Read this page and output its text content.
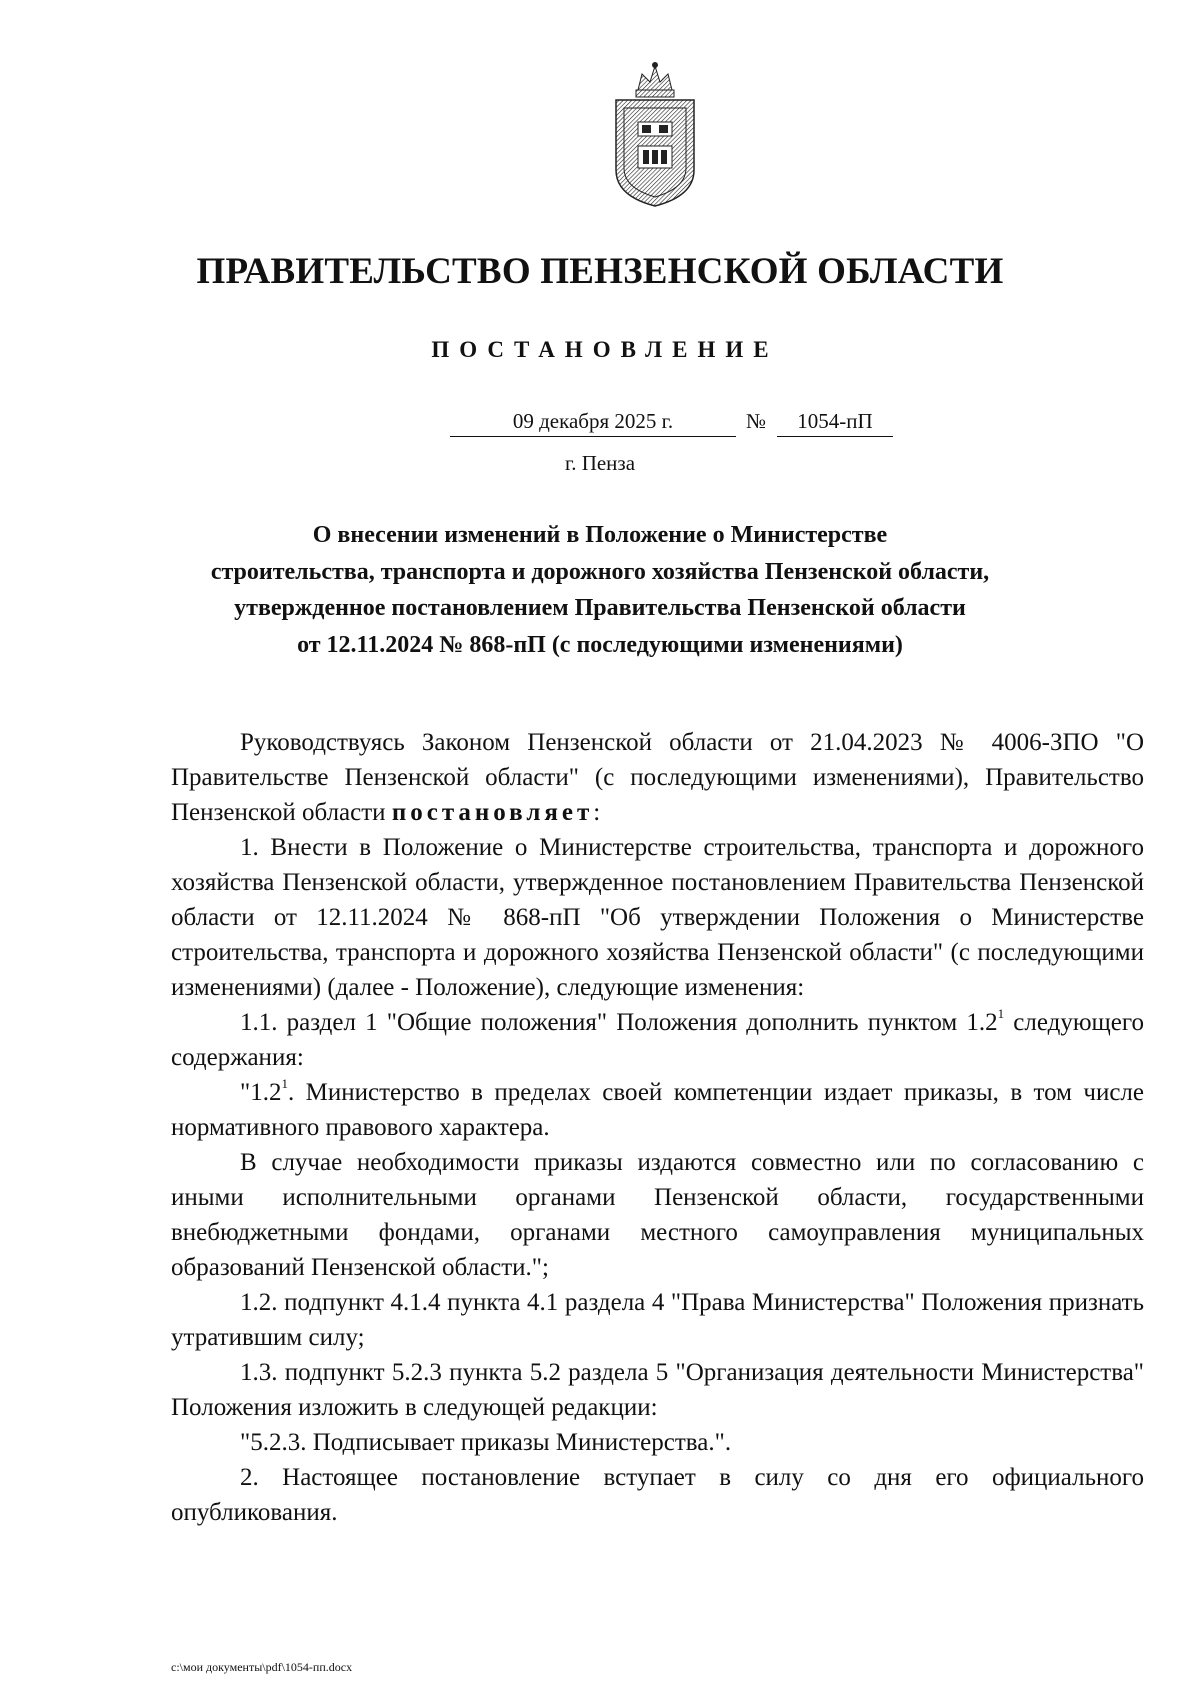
ПРАВИТЕЛЬСТВО ПЕНЗЕНСКОЙ ОБЛАСТИ
ПОСТАНОВЛЕНИЕ
09 декабря 2025 г.	№	1054-пП
г. Пенза
О внесении изменений в Положение о Министерстве
строительства, транспорта и дорожного хозяйства Пензенской области,
утвержденное постановлением Правительства Пензенской области
от 12.11.2024 № 868-пП (с последующими изменениями)

Руководствуясь Законом Пензенской области от 21.04.2023 № 4006-ЗПО "О Правительстве Пензенской области" (с последующими изменениями), Правительство Пензенской области постановляет:

1. Внести в Положение о Министерстве строительства, транспорта и дорожного хозяйства Пензенской области, утвержденное постановлением Правительства Пензенской области от 12.11.2024 № 868-пП "Об утверждении Положения о Министерстве строительства, транспорта и дорожного хозяйства Пензенской области" (с последующими изменениями) (далее - Положение), следующие изменения:

1.1. раздел 1 "Общие положения" Положения дополнить пунктом $1.2^1$ следующего содержания:

"$1.2^1$. Министерство в пределах своей компетенции издает приказы, в том числе нормативного правового характера.

В случае необходимости приказы издаются совместно или по согласованию с иными исполнительными органами Пензенской области, государственными внебюджетными фондами, органами местного самоуправления муниципальных образований Пензенской области.";

1.2. подпункт 4.1.4 пункта 4.1 раздела 4 "Права Министерства" Положения признать утратившим силу;

1.3. подпункт 5.2.3 пункта 5.2 раздела 5 "Организация деятельности Министерства" Положения изложить в следующей редакции:

"5.2.3. Подписывает приказы Министерства.".

2. Настоящее постановление вступает в силу со дня его официального опубликования.

c:\мои документы\pdf\1054-пп.docx
